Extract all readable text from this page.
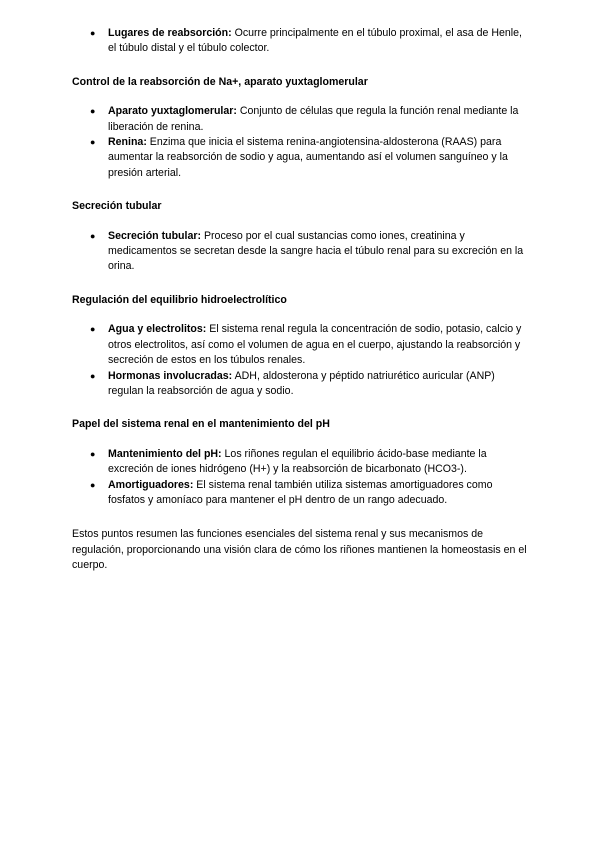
● Lugares de reabsorción: Ocurre principalmente en el túbulo proximal, el asa de Henle, el túbulo distal y el túbulo colector.
Control de la reabsorción de Na+, aparato yuxtaglomerular
● Aparato yuxtaglomerular: Conjunto de células que regula la función renal mediante la liberación de renina.
● Renina: Enzima que inicia el sistema renina-angiotensina-aldosterona (RAAS) para aumentar la reabsorción de sodio y agua, aumentando así el volumen sanguíneo y la presión arterial.
Secreción tubular
● Secreción tubular: Proceso por el cual sustancias como iones, creatinina y medicamentos se secretan desde la sangre hacia el túbulo renal para su excreción en la orina.
Regulación del equilibrio hidroelectrolítico
● Agua y electrolitos: El sistema renal regula la concentración de sodio, potasio, calcio y otros electrolitos, así como el volumen de agua en el cuerpo, ajustando la reabsorción y secreción de estos en los túbulos renales.
● Hormonas involucradas: ADH, aldosterona y péptido natriurético auricular (ANP) regulan la reabsorción de agua y sodio.
Papel del sistema renal en el mantenimiento del pH
● Mantenimiento del pH: Los riñones regulan el equilibrio ácido-base mediante la excreción de iones hidrógeno (H+) y la reabsorción de bicarbonato (HCO3-).
● Amortiguadores: El sistema renal también utiliza sistemas amortiguadores como fosfatos y amoníaco para mantener el pH dentro de un rango adecuado.

Estos puntos resumen las funciones esenciales del sistema renal y sus mecanismos de regulación, proporcionando una visión clara de cómo los riñones mantienen la homeostasis en el cuerpo.
